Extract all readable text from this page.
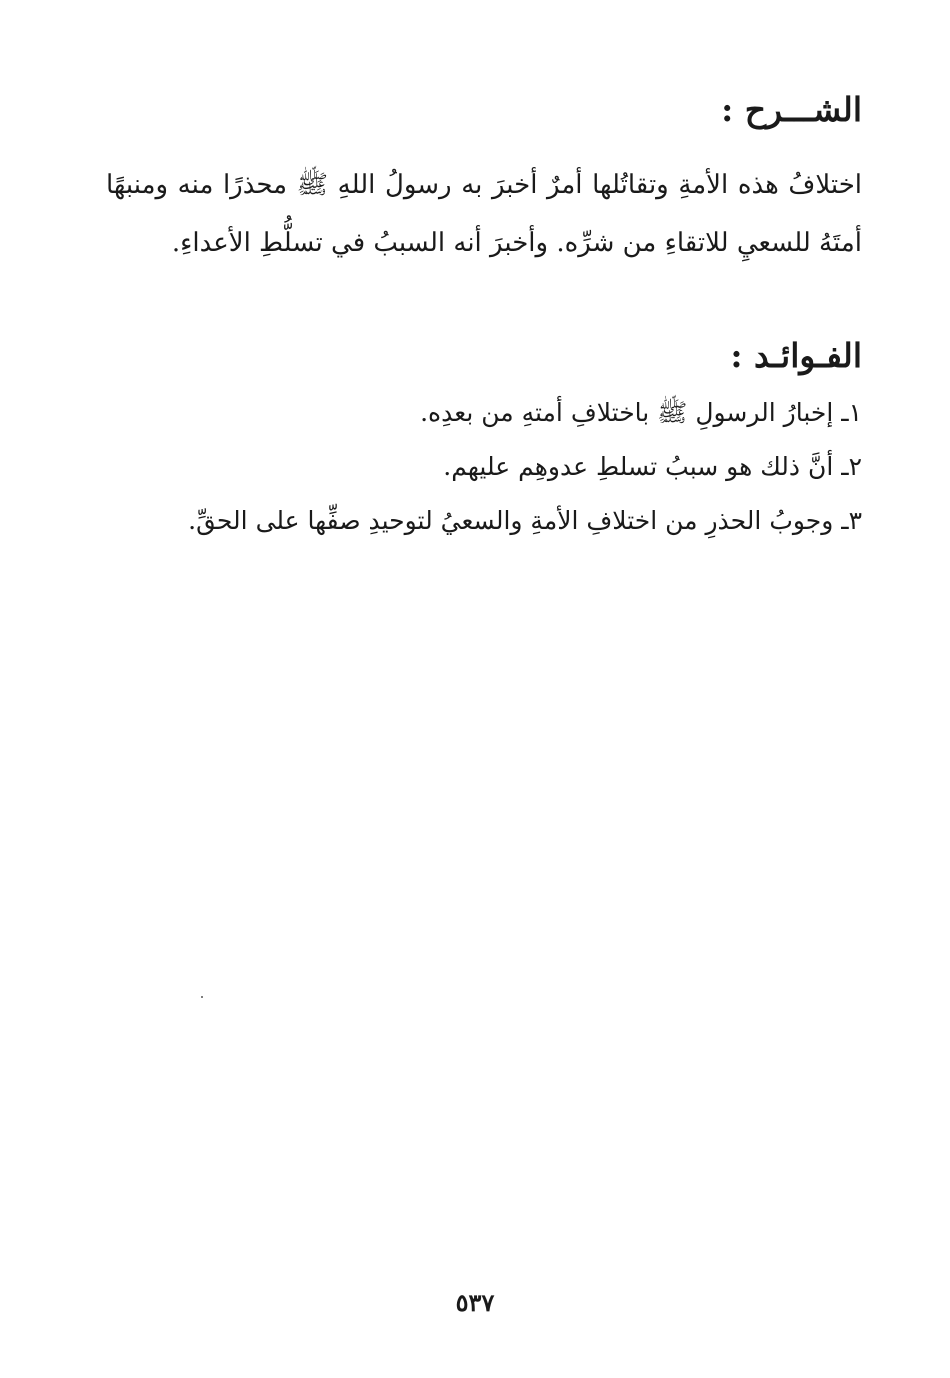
الشـــرح :

اختلافُ هذه الأمةِ وتقاتُلها أمرٌ أخبرَ به رسولُ اللهِ ﷺ محذرًا منه ومنبهًا أمتَهُ للسعيِ للاتقاءِ من شرِّه. وأخبرَ أنه السببُ في تسلُّطِ الأعداءِ.

الفـوائـد :
١ـ إخبارُ الرسولِ ﷺ باختلافِ أمتهِ من بعدِه.
٢ـ أنَّ ذلك هو سببُ تسلطِ عدوهِم عليهم.
٣ـ وجوبُ الحذرِ من اختلافِ الأمةِ والسعيُ لتوحيدِ صفِّها على الحقِّ.
٥٣٧
